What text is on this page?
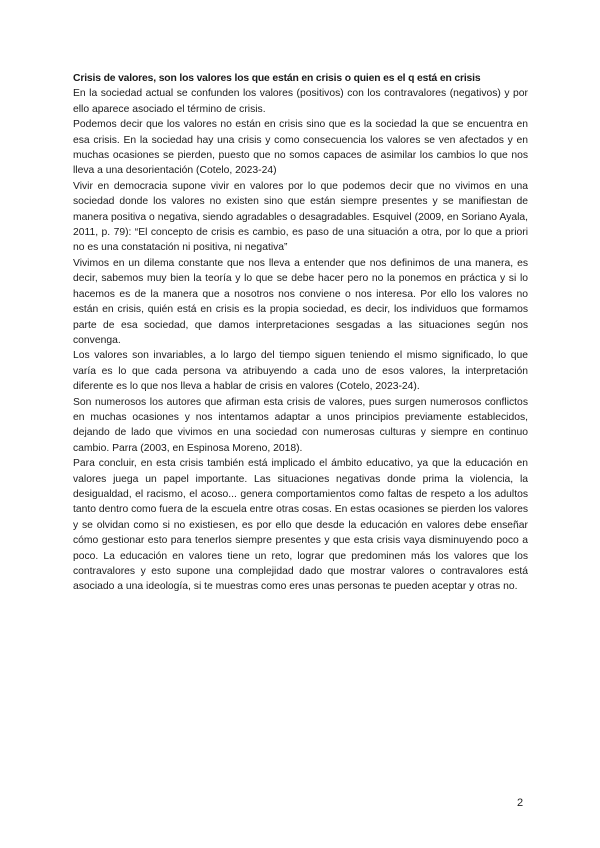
Crisis de valores, son los valores los que están en crisis o quien es el q está en crisis

En la sociedad actual se confunden los valores (positivos) con los contravalores (negativos) y por ello aparece asociado el término de crisis.

Podemos decir que los valores no están en crisis sino que es la sociedad la que se encuentra en esa crisis. En la sociedad hay una crisis y como consecuencia los valores se ven afectados y en muchas ocasiones se pierden, puesto que no somos capaces de asimilar los cambios lo que nos lleva a una desorientación (Cotelo, 2023-24)

Vivir en democracia supone vivir en valores por lo que podemos decir que no vivimos en una sociedad donde los valores no existen sino que están siempre presentes y se manifiestan de manera positiva o negativa, siendo agradables o desagradables. Esquivel (2009, en Soriano Ayala, 2011, p. 79): “El concepto de crisis es cambio, es paso de una situación a otra, por lo que a priori no es una constatación ni positiva, ni negativa”

Vivimos en un dilema constante que nos lleva a entender que nos definimos de una manera, es decir, sabemos muy bien la teoría y lo que se debe hacer pero no la ponemos en práctica y si lo hacemos es de la manera que a nosotros nos conviene o nos interesa. Por ello los valores no están en crisis, quién está en crisis es la propia sociedad, es decir, los individuos que formamos parte de esa sociedad, que damos interpretaciones sesgadas a las situaciones según nos convenga.

Los valores son invariables, a lo largo del tiempo siguen teniendo el mismo significado, lo que varía es lo que cada persona va atribuyendo a cada uno de esos valores, la interpretación diferente es lo que nos lleva a hablar de crisis en valores (Cotelo, 2023-24).

Son numerosos los autores que afirman esta crisis de valores, pues surgen numerosos conflictos en muchas ocasiones y nos intentamos adaptar a unos principios previamente establecidos, dejando de lado que vivimos en una sociedad con numerosas culturas y siempre en continuo cambio. Parra (2003, en Espinosa Moreno, 2018).

Para concluir, en esta crisis también está implicado el ámbito educativo, ya que la educación en valores juega un papel importante. Las situaciones negativas donde prima la violencia, la desigualdad, el racismo, el acoso... genera comportamientos como faltas de respeto a los adultos tanto dentro como fuera de la escuela entre otras cosas. En estas ocasiones se pierden los valores y se olvidan como si no existiesen, es por ello que desde la educación en valores debe enseñar cómo gestionar esto para tenerlos siempre presentes y que esta crisis vaya disminuyendo poco a poco. La educación en valores tiene un reto, lograr que predominen más los valores que los contravalores y esto supone una complejidad dado que mostrar valores o contravalores está asociado a una ideología, si te muestras como eres unas personas te pueden aceptar y otras no.

2
